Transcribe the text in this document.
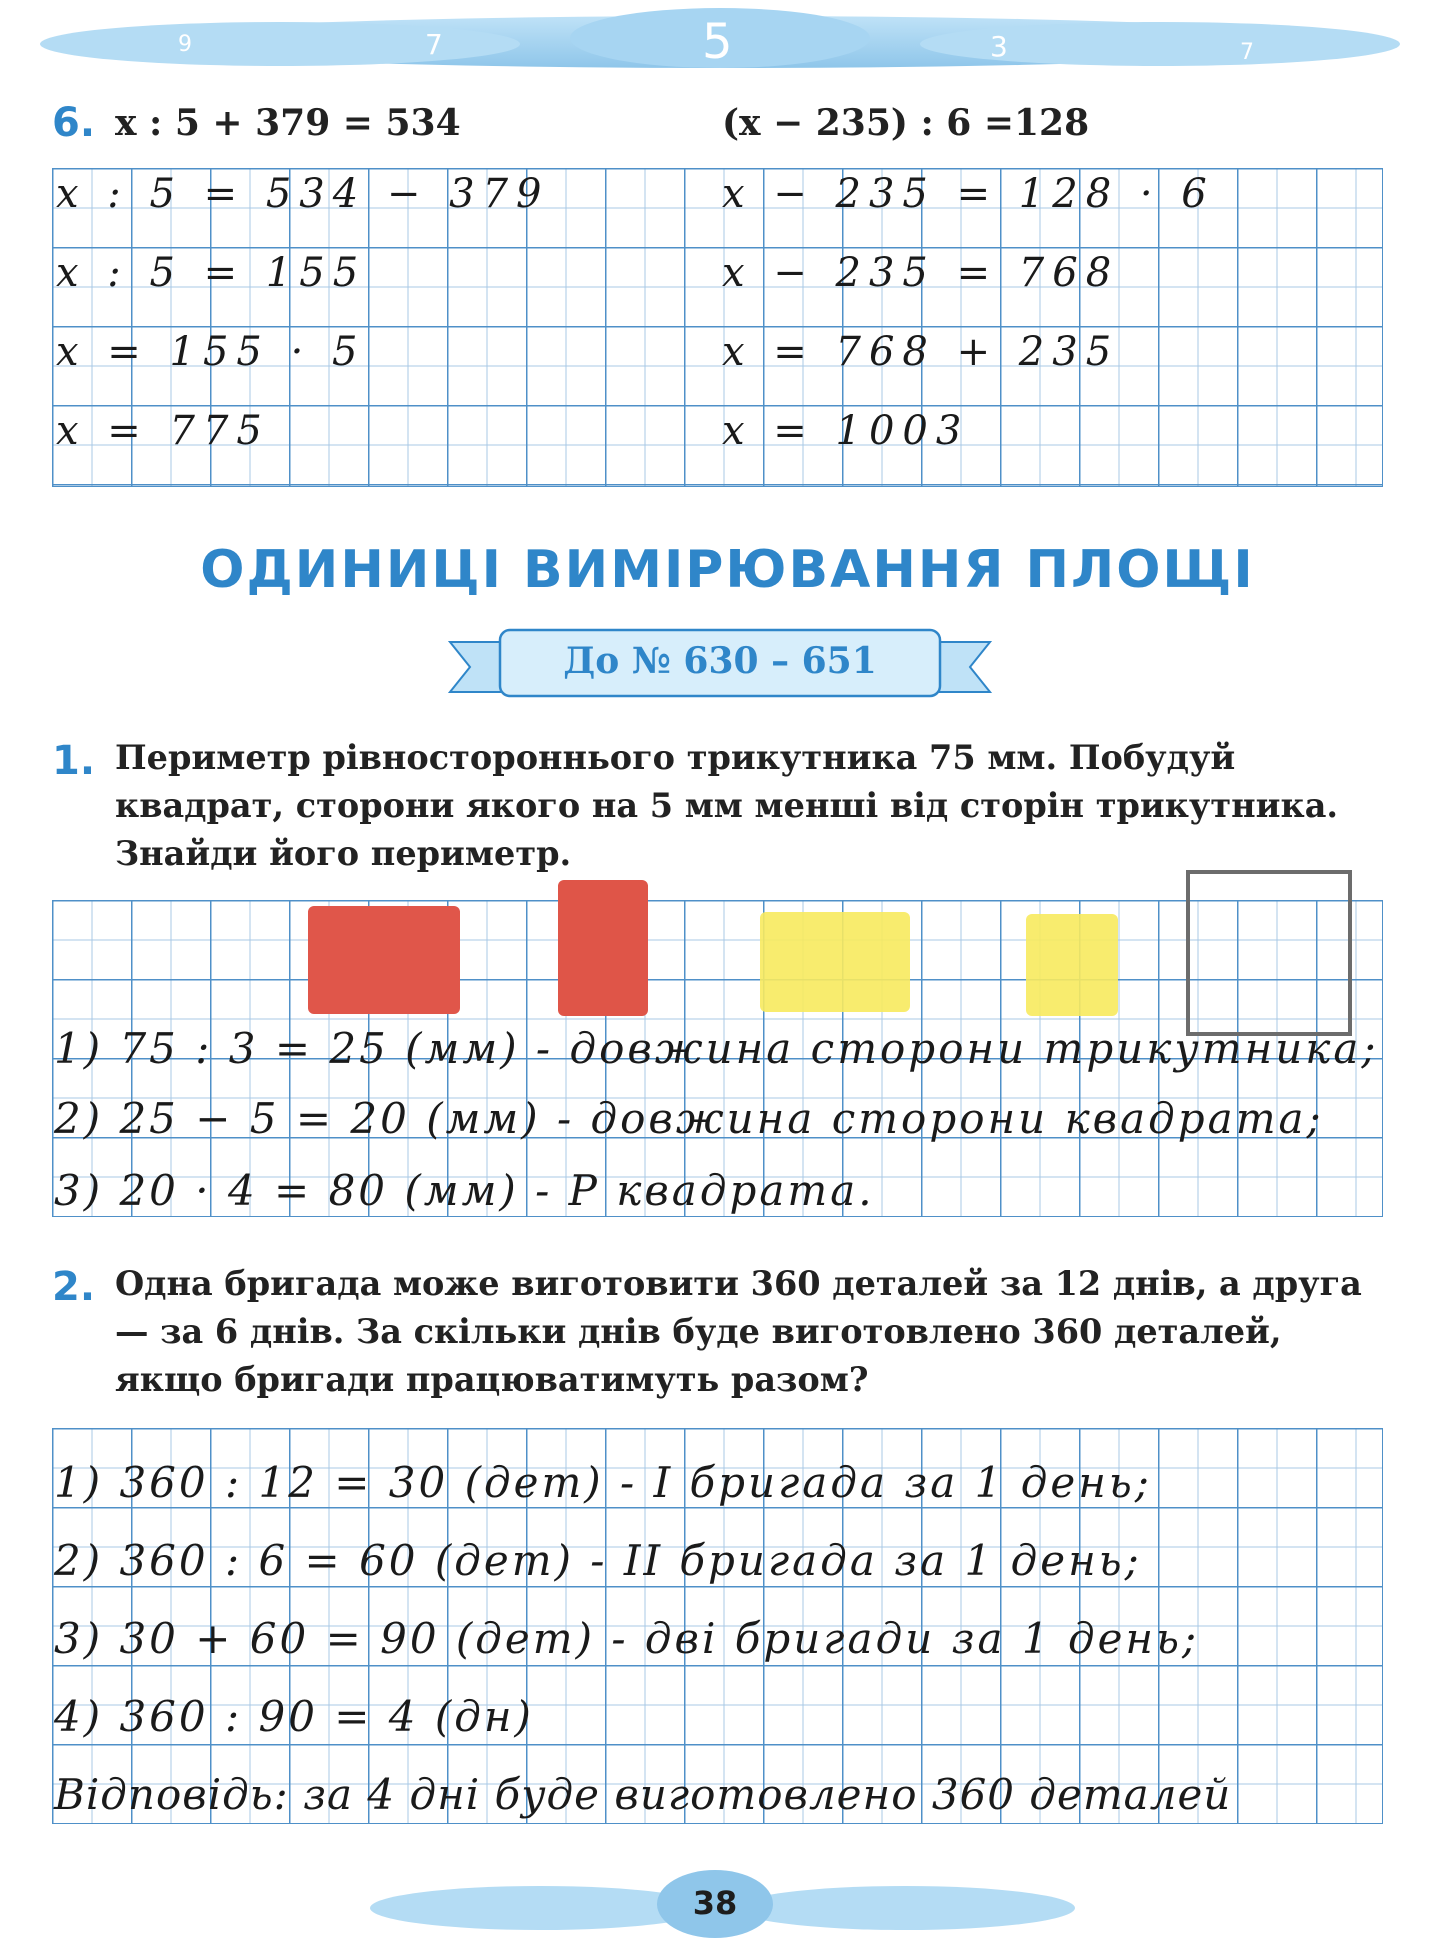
9	7	5	3	7
6. x : 5 + 379 = 534	(x − 235) : 6 =128
x : 5 = 534 − 379
x : 5 = 155
x = 155 · 5
x = 775
x − 235 = 128 · 6
x − 235 = 768
x = 768 + 235
x = 1003
ОДИНИЦІ ВИМІРЮВАННЯ ПЛОЩІ
До № 630 – 651
1. Периметр рівностороннього трикутника 75 мм. Побудуй квадрат, сторони якого на 5 мм менші від сторін трикутника. Знайди його периметр.
1) 75 : 3 = 25 (мм) - довжина сторони трикутника;
2) 25 − 5 = 20 (мм) - довжина сторони квадрата;
3) 20 · 4 = 80 (мм) - P квадрата.
2. Одна бригада може виготовити 360 деталей за 12 днів, а друга — за 6 днів. За скільки днів буде виготовлено 360 деталей, якщо бригади працюватимуть разом?
1) 360 : 12 = 30 (дет) - I бригада за 1 день;
2) 360 : 6 = 60 (дет) - II бригада за 1 день;
3) 30 + 60 = 90 (дет) - дві бригади за 1 день;
4) 360 : 90 = 4 (дн)
Відповідь: за 4 дні буде виготовлено 360 деталей
38
